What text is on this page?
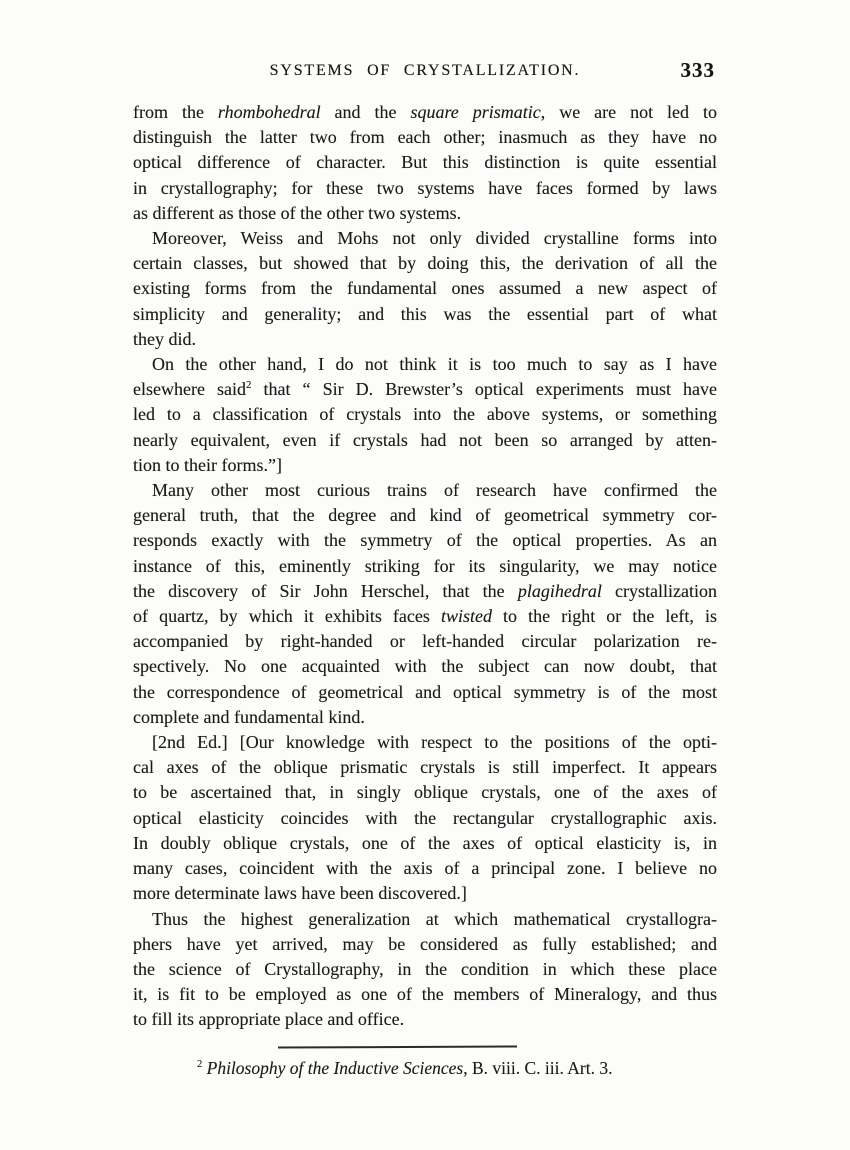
SYSTEMS OF CRYSTALLIZATION.	333
from the rhombohedral and the square prismatic, we are not led to
distinguish the latter two from each other; inasmuch as they have no
optical difference of character. But this distinction is quite essential
in crystallography; for these two systems have faces formed by laws
as different as those of the other two systems.
Moreover, Weiss and Mohs not only divided crystalline forms into
certain classes, but showed that by doing this, the derivation of all the
existing forms from the fundamental ones assumed a new aspect of
simplicity and generality; and this was the essential part of what
they did.
On the other hand, I do not think it is too much to say as I have
elsewhere said$^2$ that “ Sir D. Brewster’s optical experiments must have
led to a classification of crystals into the above systems, or something
nearly equivalent, even if crystals had not been so arranged by atten-
tion to their forms.”]
Many other most curious trains of research have confirmed the
general truth, that the degree and kind of geometrical symmetry cor-
responds exactly with the symmetry of the optical properties. As an
instance of this, eminently striking for its singularity, we may notice
the discovery of Sir John Herschel, that the plagihedral crystallization
of quartz, by which it exhibits faces twisted to the right or the left, is
accompanied by right-handed or left-handed circular polarization re-
spectively. No one acquainted with the subject can now doubt, that
the correspondence of geometrical and optical symmetry is of the most
complete and fundamental kind.
[2nd Ed.] [Our knowledge with respect to the positions of the opti-
cal axes of the oblique prismatic crystals is still imperfect. It appears
to be ascertained that, in singly oblique crystals, one of the axes of
optical elasticity coincides with the rectangular crystallographic axis.
In doubly oblique crystals, one of the axes of optical elasticity is, in
many cases, coincident with the axis of a principal zone. I believe no
more determinate laws have been discovered.]
Thus the highest generalization at which mathematical crystallogra-
phers have yet arrived, may be considered as fully established; and
the science of Crystallography, in the condition in which these place
it, is fit to be employed as one of the members of Mineralogy, and thus
to fill its appropriate place and office.
$^2$ Philosophy of the Inductive Sciences, B. viii. C. iii. Art. 3.
